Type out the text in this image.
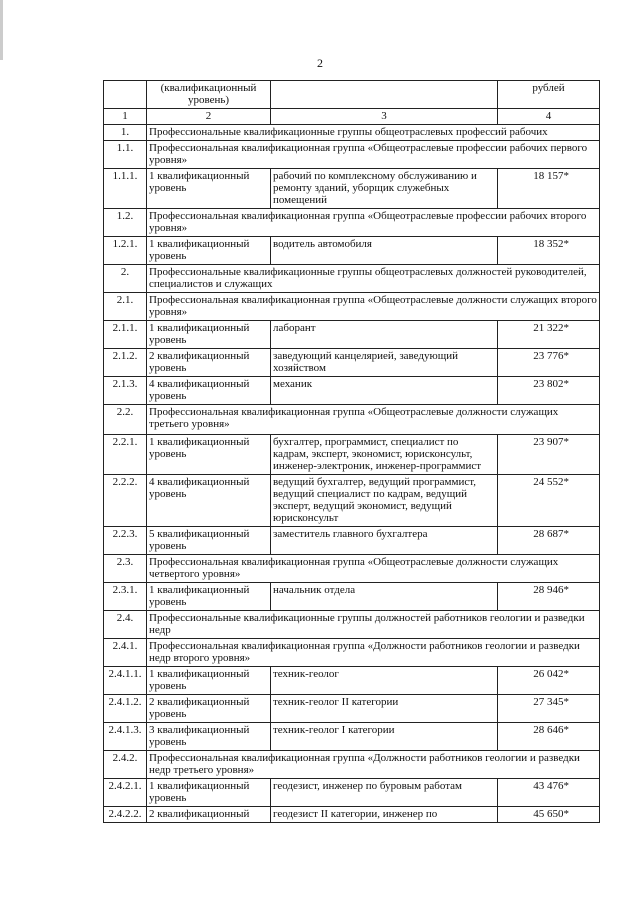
2
	(квалификационный уровень)		рублей
1	2	3	4
1.	Профессиональные квалификационные группы общеотраслевых профессий рабочих		
1.1.	Профессиональная квалификационная группа «Общеотраслевые профессии рабочих первого уровня»		
1.1.1.	1 квалификационный уровень	рабочий по комплексному обслуживанию и ремонту зданий, уборщик служебных помещений	18 157*
1.2.	Профессиональная квалификационная группа «Общеотраслевые профессии рабочих второго уровня»		
1.2.1.	1 квалификационный уровень	водитель автомобиля	18 352*
2.	Профессиональные квалификационные группы общеотраслевых должностей руководителей, специалистов и служащих		
2.1.	Профессиональная квалификационная группа «Общеотраслевые должности служащих второго уровня»		
2.1.1.	1 квалификационный уровень	лаборант	21 322*
2.1.2.	2 квалификационный уровень	заведующий канцелярией, заведующий хозяйством	23 776*
2.1.3.	4 квалификационный уровень	механик	23 802*
2.2.	Профессиональная квалификационная группа «Общеотраслевые должности служащих третьего уровня»		
2.2.1.	1 квалификационный уровень	бухгалтер, программист, специалист по кадрам, эксперт, экономист, юрисконсульт, инженер-электроник, инженер-программист	23 907*
2.2.2.	4 квалификационный уровень	ведущий бухгалтер, ведущий программист, ведущий специалист по кадрам, ведущий эксперт, ведущий экономист, ведущий юрисконсульт	24 552*
2.2.3.	5 квалификационный уровень	заместитель главного бухгалтера	28 687*
2.3.	Профессиональная квалификационная группа «Общеотраслевые должности служащих четвертого уровня»		
2.3.1.	1 квалификационный уровень	начальник отдела	28 946*
2.4.	Профессиональные квалификационные группы должностей работников геологии и разведки недр		
2.4.1.	Профессиональная квалификационная группа «Должности работников геологии и разведки недр второго уровня»		
2.4.1.1.	1 квалификационный уровень	техник-геолог	26 042*
2.4.1.2.	2 квалификационный уровень	техник-геолог II категории	27 345*
2.4.1.3.	3 квалификационный уровень	техник-геолог I категории	28 646*
2.4.2.	Профессиональная квалификационная группа «Должности работников геологии и разведки недр третьего уровня»		
2.4.2.1.	1 квалификационный уровень	геодезист, инженер по буровым работам	43 476*
2.4.2.2.	2 квалификационный	геодезист II категории, инженер по	45 650*
